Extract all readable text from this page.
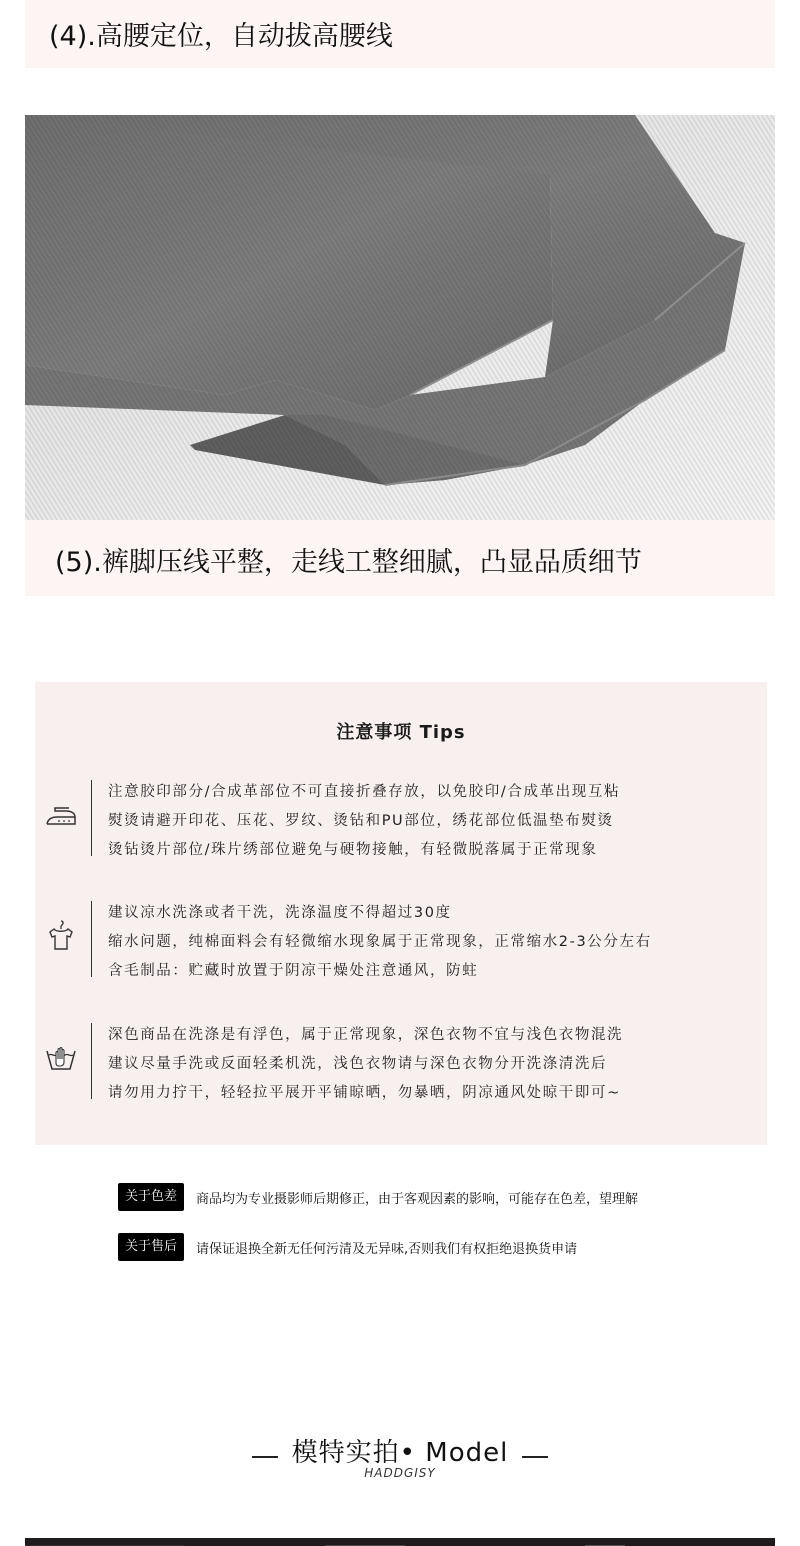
(4).高腰定位，自动拔高腰线
(5).裤脚压线平整，走线工整细腻，凸显品质细节
注意事项 Tips
注意胶印部分/合成革部位不可直接折叠存放，以免胶印/合成革出现互粘
熨烫请避开印花、压花、罗纹、烫钻和PU部位，绣花部位低温垫布熨烫
烫钻烫片部位/珠片绣部位避免与硬物接触，有轻微脱落属于正常现象
建议凉水洗涤或者干洗，洗涤温度不得超过30度
缩水问题，纯棉面料会有轻微缩水现象属于正常现象，正常缩水2-3公分左右
含毛制品：贮藏时放置于阴凉干燥处注意通风，防蛀
深色商品在洗涤是有浮色，属于正常现象，深色衣物不宜与浅色衣物混洗
建议尽量手洗或反面轻柔机洗，浅色衣物请与深色衣物分开洗涤清洗后
请勿用力拧干，轻轻拉平展开平铺晾晒，勿暴晒，阴凉通风处晾干即可~
关于色差	商品均为专业摄影师后期修正，由于客观因素的影响，可能存在色差，望理解
关于售后	请保证退换全新无任何污清及无异味,否则我们有权拒绝退换货申请
模特实拍• Model
HADDGISY
